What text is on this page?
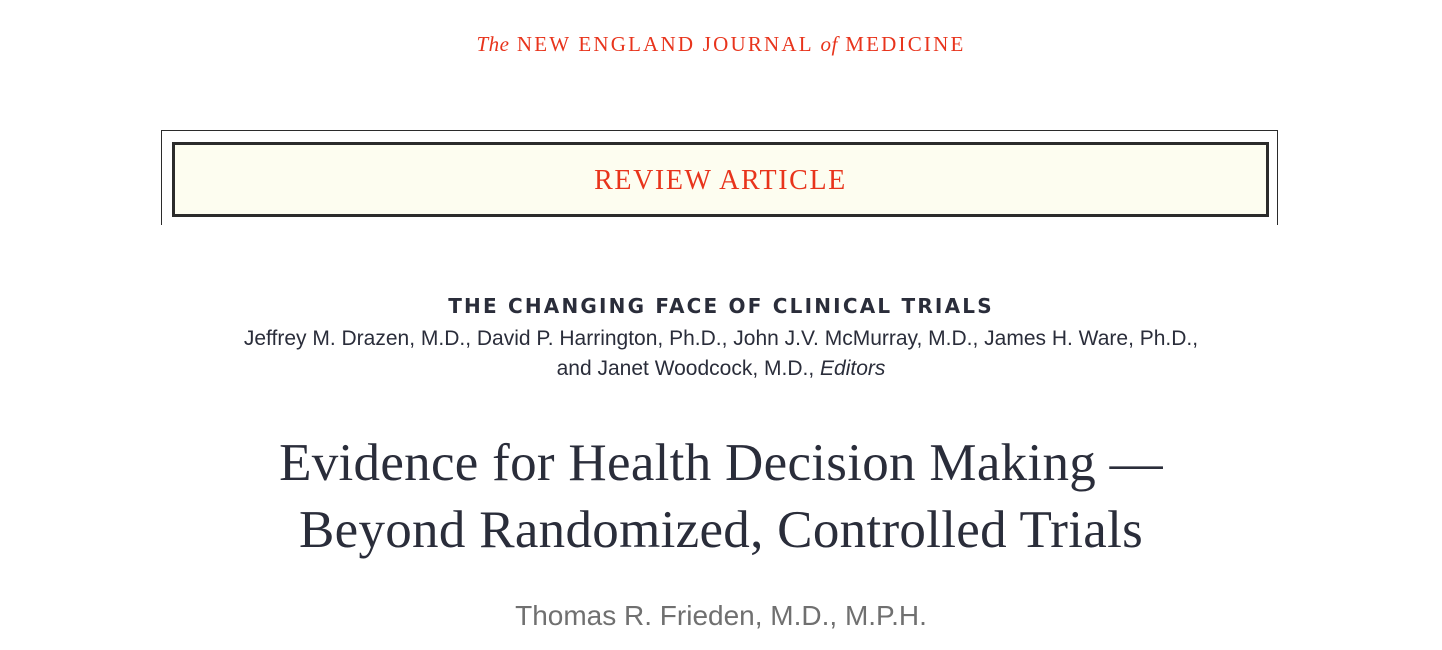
The NEW ENGLAND JOURNAL of MEDICINE
REVIEW ARTICLE
THE CHANGING FACE OF CLINICAL TRIALS
Jeffrey M. Drazen, M.D., David P. Harrington, Ph.D., John J.V. McMurray, M.D., James H. Ware, Ph.D.,
and Janet Woodcock, M.D., Editors
Evidence for Health Decision Making —
Beyond Randomized, Controlled Trials
Thomas R. Frieden, M.D., M.P.H.
